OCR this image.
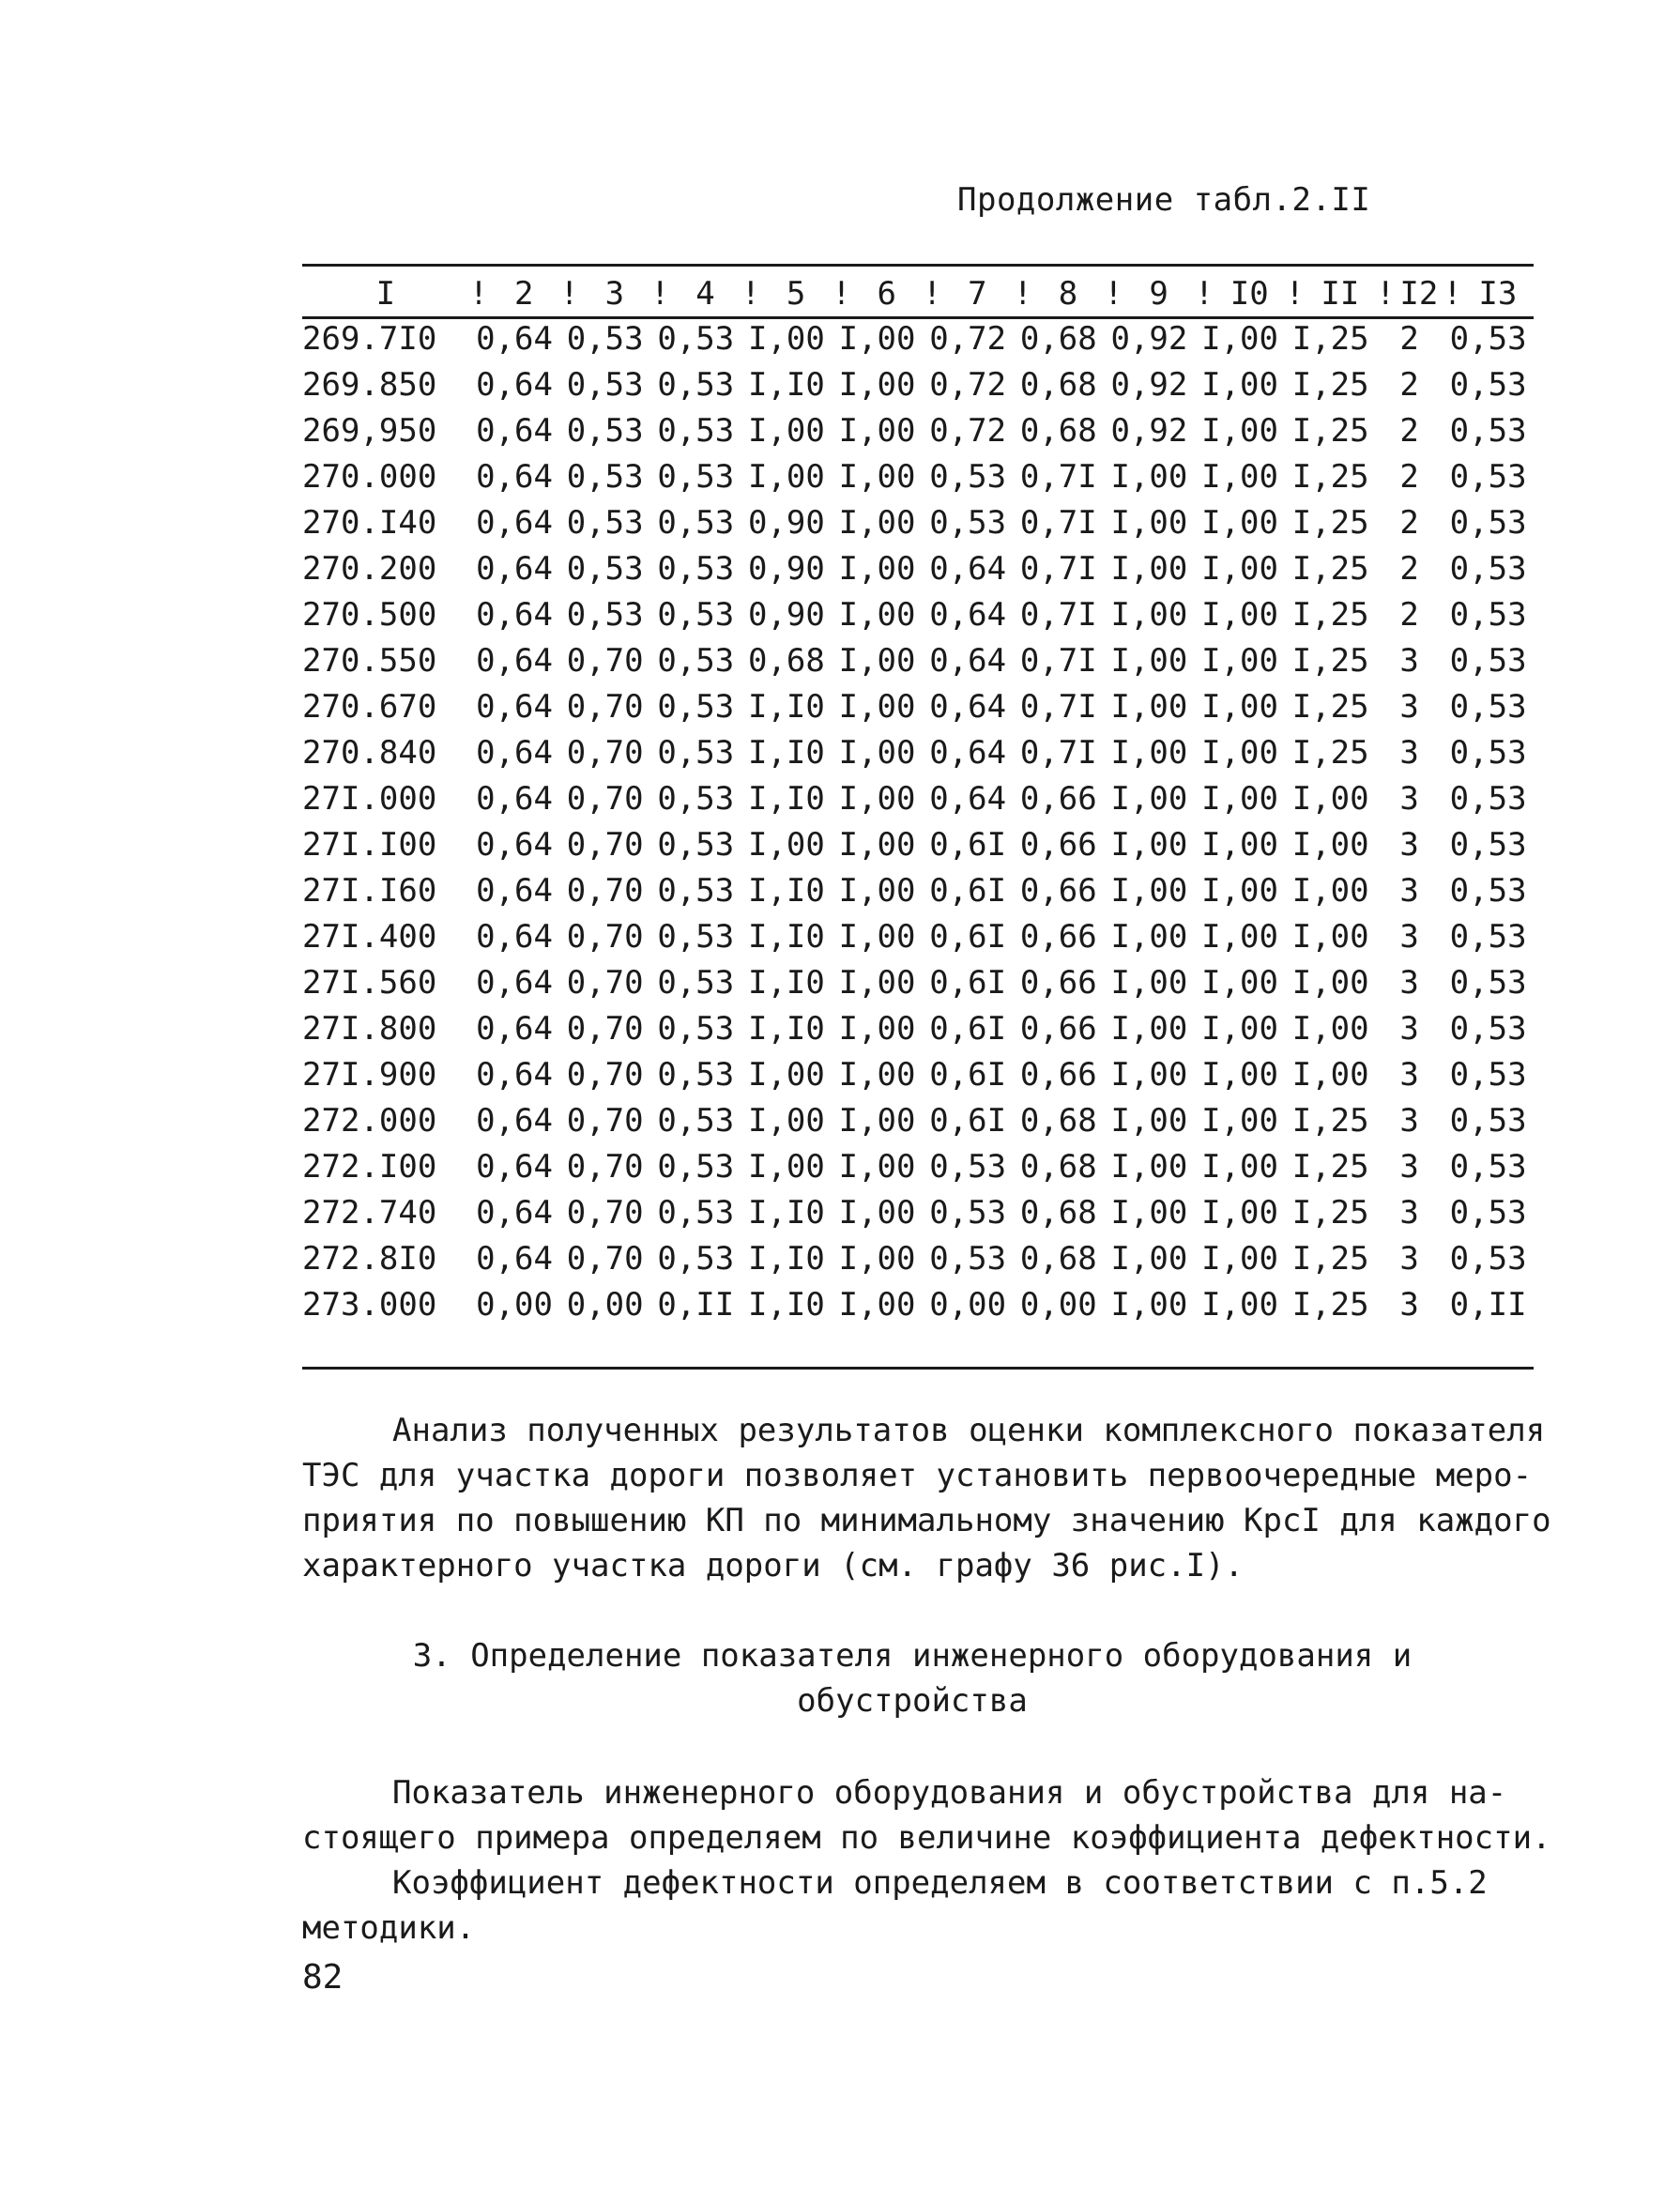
Продолжение табл.2.II
I	!	2	!	3	!	4	!	5	!	6	!	7	!	8	!	9	!	I0	!	II	!	I2	!	I3
269.7I0	0,64		0,53		0,53		I,00		I,00		0,72		0,68		0,92		I,00		I,25		2		0,53	
269.850	0,64		0,53		0,53		I,I0		I,00		0,72		0,68		0,92		I,00		I,25		2		0,53	
269,950	0,64		0,53		0,53		I,00		I,00		0,72		0,68		0,92		I,00		I,25		2		0,53	
270.000	0,64		0,53		0,53		I,00		I,00		0,53		0,7I		I,00		I,00		I,25		2		0,53	
270.I40	0,64		0,53		0,53		0,90		I,00		0,53		0,7I		I,00		I,00		I,25		2		0,53	
270.200	0,64		0,53		0,53		0,90		I,00		0,64		0,7I		I,00		I,00		I,25		2		0,53	
270.500	0,64		0,53		0,53		0,90		I,00		0,64		0,7I		I,00		I,00		I,25		2		0,53	
270.550	0,64		0,70		0,53		0,68		I,00		0,64		0,7I		I,00		I,00		I,25		3		0,53	
270.670	0,64		0,70		0,53		I,I0		I,00		0,64		0,7I		I,00		I,00		I,25		3		0,53	
270.840	0,64		0,70		0,53		I,I0		I,00		0,64		0,7I		I,00		I,00		I,25		3		0,53	
27I.000	0,64		0,70		0,53		I,I0		I,00		0,64		0,66		I,00		I,00		I,00		3		0,53	
27I.I00	0,64		0,70		0,53		I,00		I,00		0,6I		0,66		I,00		I,00		I,00		3		0,53	
27I.I60	0,64		0,70		0,53		I,I0		I,00		0,6I		0,66		I,00		I,00		I,00		3		0,53	
27I.400	0,64		0,70		0,53		I,I0		I,00		0,6I		0,66		I,00		I,00		I,00		3		0,53	
27I.560	0,64		0,70		0,53		I,I0		I,00		0,6I		0,66		I,00		I,00		I,00		3		0,53	
27I.800	0,64		0,70		0,53		I,I0		I,00		0,6I		0,66		I,00		I,00		I,00		3		0,53	
27I.900	0,64		0,70		0,53		I,00		I,00		0,6I		0,66		I,00		I,00		I,00		3		0,53	
272.000	0,64		0,70		0,53		I,00		I,00		0,6I		0,68		I,00		I,00		I,25		3		0,53	
272.I00	0,64		0,70		0,53		I,00		I,00		0,53		0,68		I,00		I,00		I,25		3		0,53	
272.740	0,64		0,70		0,53		I,I0		I,00		0,53		0,68		I,00		I,00		I,25		3		0,53	
272.8I0	0,64		0,70		0,53		I,I0		I,00		0,53		0,68		I,00		I,00		I,25		3		0,53	
273.000	0,00		0,00		0,II		I,I0		I,00		0,00		0,00		I,00		I,00		I,25		3		0,II	
Анализ полученных результатов оценки комплексного показателя
ТЭС для участка дороги позволяет установить первоочередные меро-
приятия по повышению КП по минимальному значению КрсI для каждого
характерного участка дороги (см. графу 36 рис.I).
3. Определение показателя инженерного оборудования и
обустройства
Показатель инженерного оборудования и обустройства для на-
стоящего примера определяем по величине коэффициента дефектности.
Коэффициент дефектности определяем в соответствии с п.5.2
методики.
82
